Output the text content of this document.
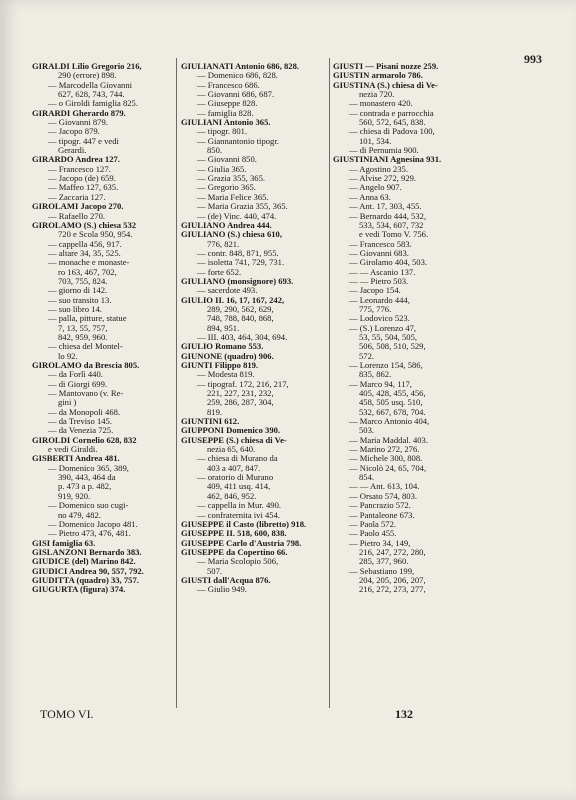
993
GIRALDI Lilio Gregorio 216,
290 (errore) 898.
— Marcodella Giovanni
627, 628, 743, 744.
— o Giroldi famiglia 825.
GIRARDI Gherardo 879.
— Giovanni 879.
— Jacopo 879.
— tipogr. 447 e vedi
Gerardi.
GIRARDO Andrea 127.
— Francesco 127.
— Jacopo (de) 659.
— Maffeo 127, 635.
— Zaccaria 127.
GIROLAMI Jacopo 270.
— Rafaello 270.
GIROLAMO (S.) chiesa 532
720 e Scola 950, 954.
— cappella 456, 917.
— altare 34, 35, 525.
— monache e monaste-
ro 163, 467, 702,
703, 755, 824.
— giorno di 142.
— suo transito 13.
— suo libro 14.
— palla, pitture, statue
7, 13, 55, 757,
842, 959, 960.
— chiesa del Montel-
lo 92.
GIROLAMO da Brescia 805.
— da Forlì 440.
— di Giorgi 699.
— Mantovano (v. Re-
gini )
— da Monopoli 468.
— da Treviso 145.
— da Venezia 725.
GIROLDI Cornelio 628, 832
e vedi Giraldi.
GISBERTI Andrea 481.
— Domenico 365, 389,
390, 443, 464 da
p. 473 a p. 482,
919, 920.
— Domenico suo cugi-
no 479, 482.
— Domenico Jacopo 481.
— Pietro 473, 476, 481.
GISI famiglia 63.
GISLANZONI Bernardo 383.
GIUDICE (del) Marino 842.
GIUDICI Andrea 90, 557, 792.
GIUDITTA (quadro) 33, 757.
GIUGURTA (figura) 374.
GIULIANATI Antonio 686, 828.
— Domenico 686, 828.
— Francesco 686.
— Giovanni 686, 687.
— Giuseppe 828.
— famiglia 828.
GIULIANI Antonio 365.
— tipogr. 801.
— Giannantonio tipogr.
850.
— Giovanni 850.
— Giulia 365.
— Grazia 355, 365.
— Gregorio 365.
— Maria Felice 365.
— Maria Grazia 355, 365.
— (de) Vinc. 440, 474.
GIULIANO Andrea 444.
GIULIANO (S.) chiesa 610,
776, 821.
— contr. 848, 871, 955.
— isoletta 741, 729, 731.
— forte 652.
GIULIANO (monsignore) 693.
— sacerdote 493.
GIULIO II. 16, 17, 167, 242,
289, 290, 562, 629,
748, 788, 840, 868,
894, 951.
— III. 403, 464, 304, 694.
GIULIO Romano 553.
GIUNONE (quadro) 906.
GIUNTI Filippo 819.
— Modesta 819.
— tipograf. 172, 216, 217,
221, 227, 231, 232,
259, 286, 287, 304,
819.
GIUNTINI 612.
GIUPPONI Domenico 390.
GIUSEPPE (S.) chiesa di Ve-
nezia 65, 640.
— chiesa di Murano da
403 a 407, 847.
— oratorio di Murano
409, 411 usq. 414,
462, 846, 952.
— cappella in Mur. 490.
— confraternita ivi 454.
GIUSEPPE il Casto (libretto) 918.
GIUSEPPE II. 518, 600, 838.
GIUSEPPE Carlo d'Austria 798.
GIUSEPPE da Copertino 66.
— Maria Scolopio 506,
507.
GIUSTI dall'Acqua 876.
— Giulio 949.
GIUSTI — Pisani nozze 259.
GIUSTIN armarolo 786.
GIUSTINA (S.) chiesa di Ve-
nezia 720.
— monastero 420.
— contrada e parrocchia
560, 572, 645, 838.
— chiesa di Padova 100,
101, 534.
— di Pernumia 900.
GIUSTINIANI Agnesina 931.
— Agostino 235.
— Alvise 272, 929.
— Angelo 907.
— Anna 63.
— Ant. 17, 303, 455.
— Bernardo 444, 532,
533, 534, 607, 732
e vedi Tomo V. 756.
— Francesco 583.
— Giovanni 683.
— Girolamo 404, 503.
— — Ascanio 137.
— — Pietro 503.
— Jacopo 154.
— Leonardo 444,
775, 776.
— Lodovico 523.
— (S.) Lorenzo 47,
53, 55, 504, 505,
506, 508, 510, 529,
572.
— Lorenzo 154, 586,
835, 862.
— Marco 94, 117,
405, 428, 455, 456,
458, 505 usq. 510,
532, 667, 678, 704.
— Marco Antonio 404,
503.
— Maria Maddal. 403.
— Marino 272, 276.
— Michele 300, 808.
— Nicolò 24, 65, 704,
854.
— — Ant. 613, 104.
— Orsato 574, 803.
— Pancrazio 572.
— Pantaleone 673.
— Paola 572.
— Paolo 455.
— Pietro 34, 149,
216, 247, 272, 280,
285, 377, 960.
— Sebastiano 199,
204, 205, 206, 207,
216, 272, 273, 277,
TOMO VI.	132
